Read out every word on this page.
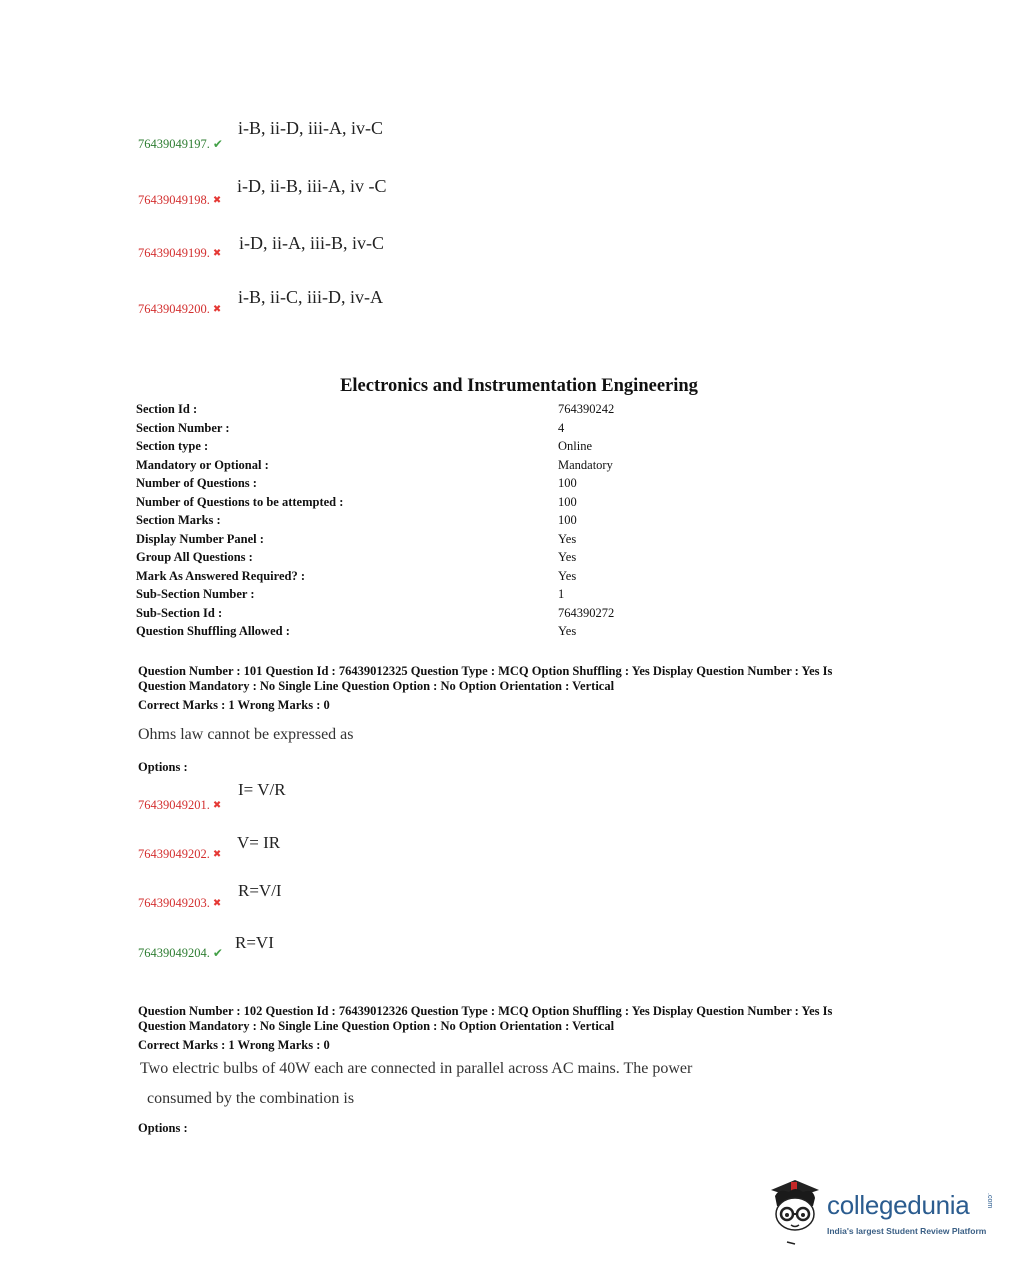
76439049197. ✔
i-B, ii-D, iii-A, iv-C
76439049198. ✖
i-D, ii-B, iii-A, iv -C
76439049199. ✖
i-D, ii-A, iii-B, iv-C
76439049200. ✖
i-B, ii-C, iii-D, iv-A
Electronics and Instrumentation Engineering
Section Id :	764390242
Section Number :	4
Section type :	Online
Mandatory or Optional :	Mandatory
Number of Questions :	100
Number of Questions to be attempted :	100
Section Marks :	100
Display Number Panel :	Yes
Group All Questions :	Yes
Mark As Answered Required? :	Yes
Sub-Section Number :	1
Sub-Section Id :	764390272
Question Shuffling Allowed :	Yes
Question Number : 101 Question Id : 76439012325 Question Type : MCQ Option Shuffling : Yes Display Question Number : Yes Is
Question Mandatory : No Single Line Question Option : No Option Orientation : Vertical
Correct Marks : 1 Wrong Marks : 0
Ohms law cannot be expressed as
Options :
76439049201. ✖
I= V/R
76439049202. ✖
V= IR
76439049203. ✖
R=V/I
76439049204. ✔
R=VI
Question Number : 102 Question Id : 76439012326 Question Type : MCQ Option Shuffling : Yes Display Question Number : Yes Is
Question Mandatory : No Single Line Question Option : No Option Orientation : Vertical
Correct Marks : 1 Wrong Marks : 0
Two electric bulbs of 40W each are connected in parallel across AC mains. The power
consumed by the combination is
Options :
collegedunia .com
India's largest Student Review Platform
